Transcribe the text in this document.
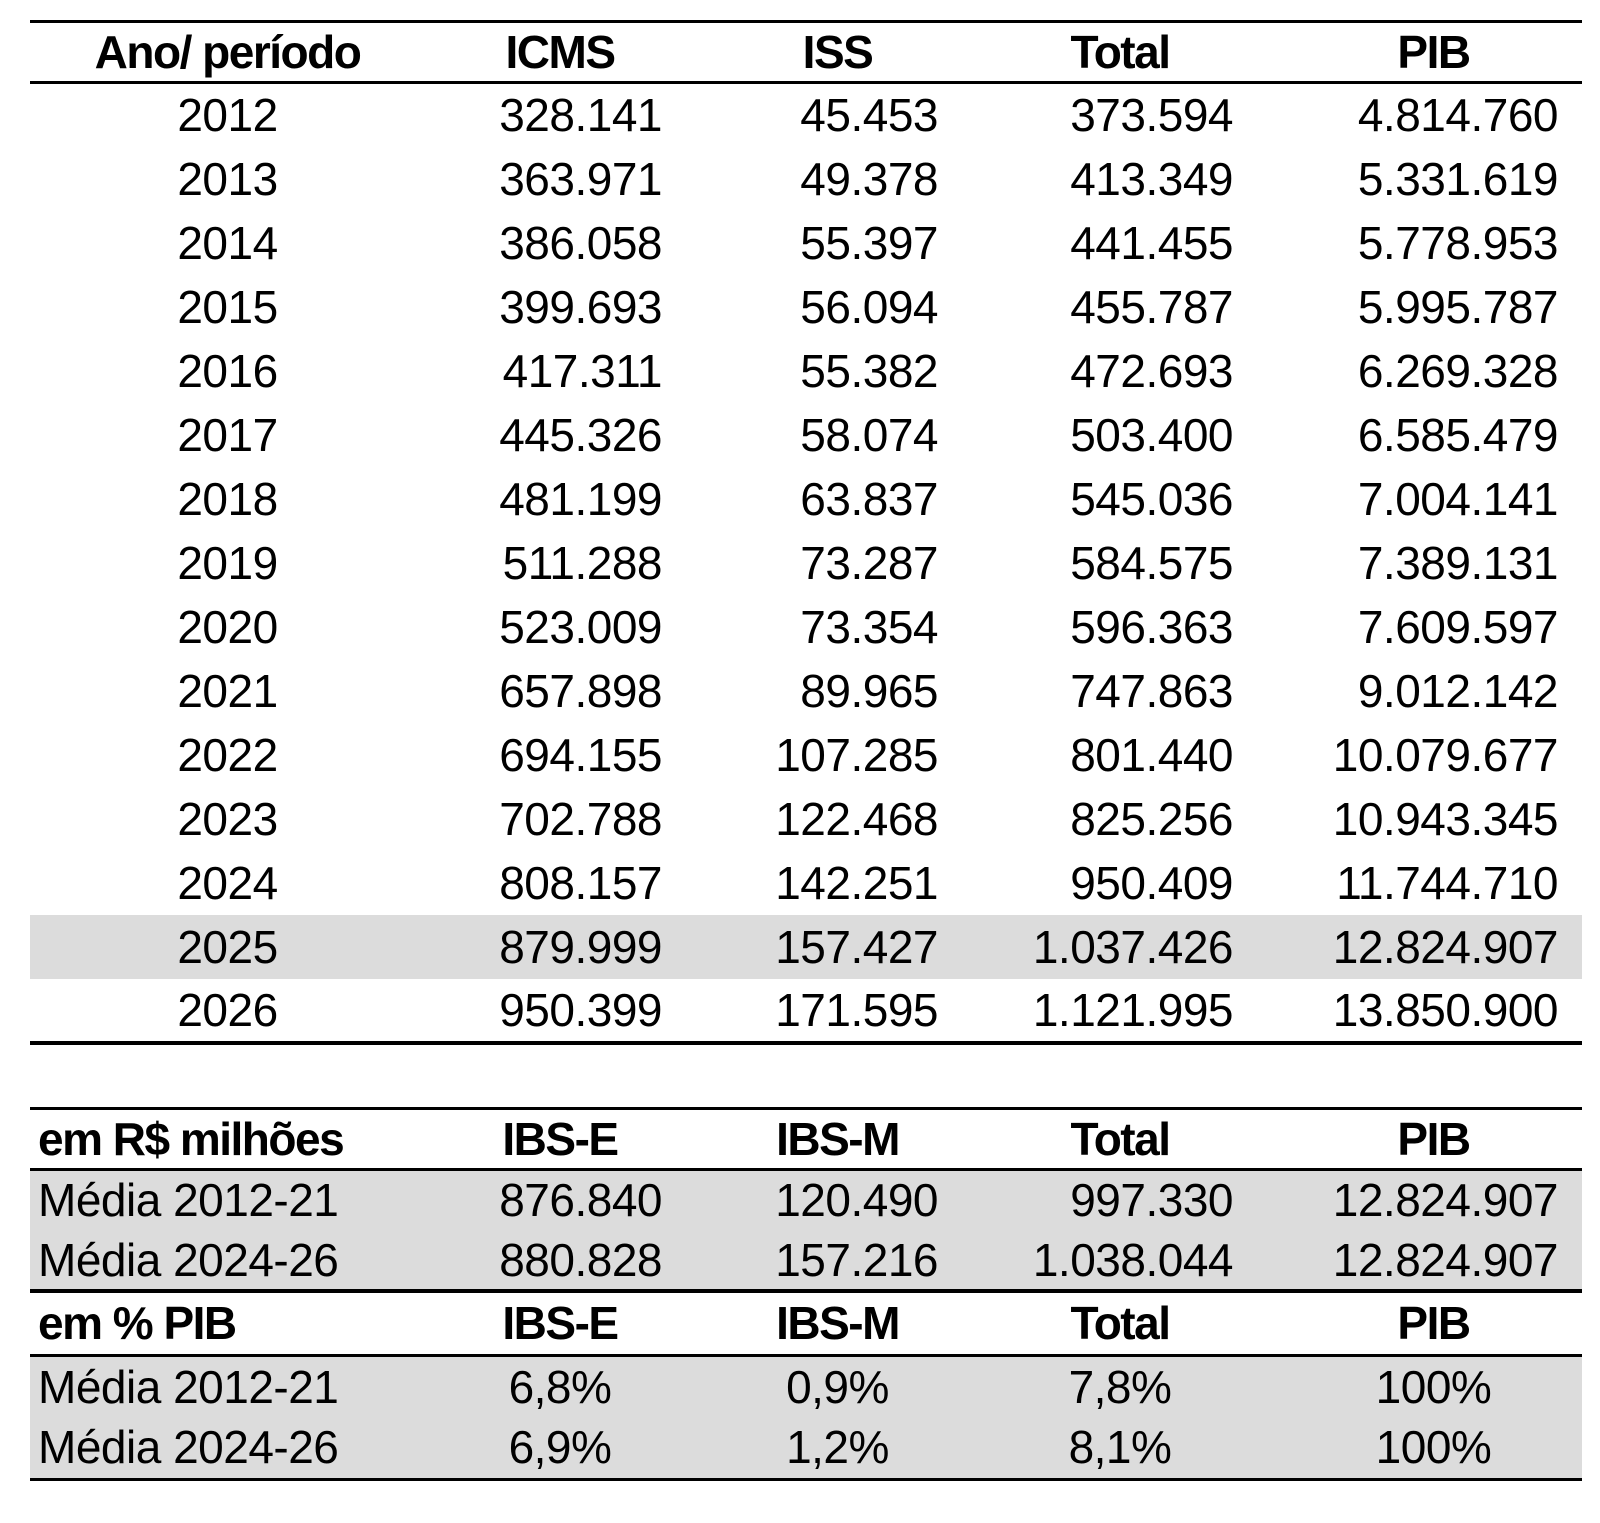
Ano/ período	ICMS	ISS	Total	PIB
2012	328.141	45.453	373.594	4.814.760
2013	363.971	49.378	413.349	5.331.619
2014	386.058	55.397	441.455	5.778.953
2015	399.693	56.094	455.787	5.995.787
2016	417.311	55.382	472.693	6.269.328
2017	445.326	58.074	503.400	6.585.479
2018	481.199	63.837	545.036	7.004.141
2019	511.288	73.287	584.575	7.389.131
2020	523.009	73.354	596.363	7.609.597
2021	657.898	89.965	747.863	9.012.142
2022	694.155	107.285	801.440	10.079.677
2023	702.788	122.468	825.256	10.943.345
2024	808.157	142.251	950.409	11.744.710
2025	879.999	157.427	1.037.426	12.824.907
2026	950.399	171.595	1.121.995	13.850.900
em R$ milhões	IBS-E	IBS-M	Total	PIB
Média 2012-21	876.840	120.490	997.330	12.824.907
Média 2024-26	880.828	157.216	1.038.044	12.824.907
em % PIB	IBS-E	IBS-M	Total	PIB
Média 2012-21	6,8%	0,9%	7,8%	100%
Média 2024-26	6,9%	1,2%	8,1%	100%
